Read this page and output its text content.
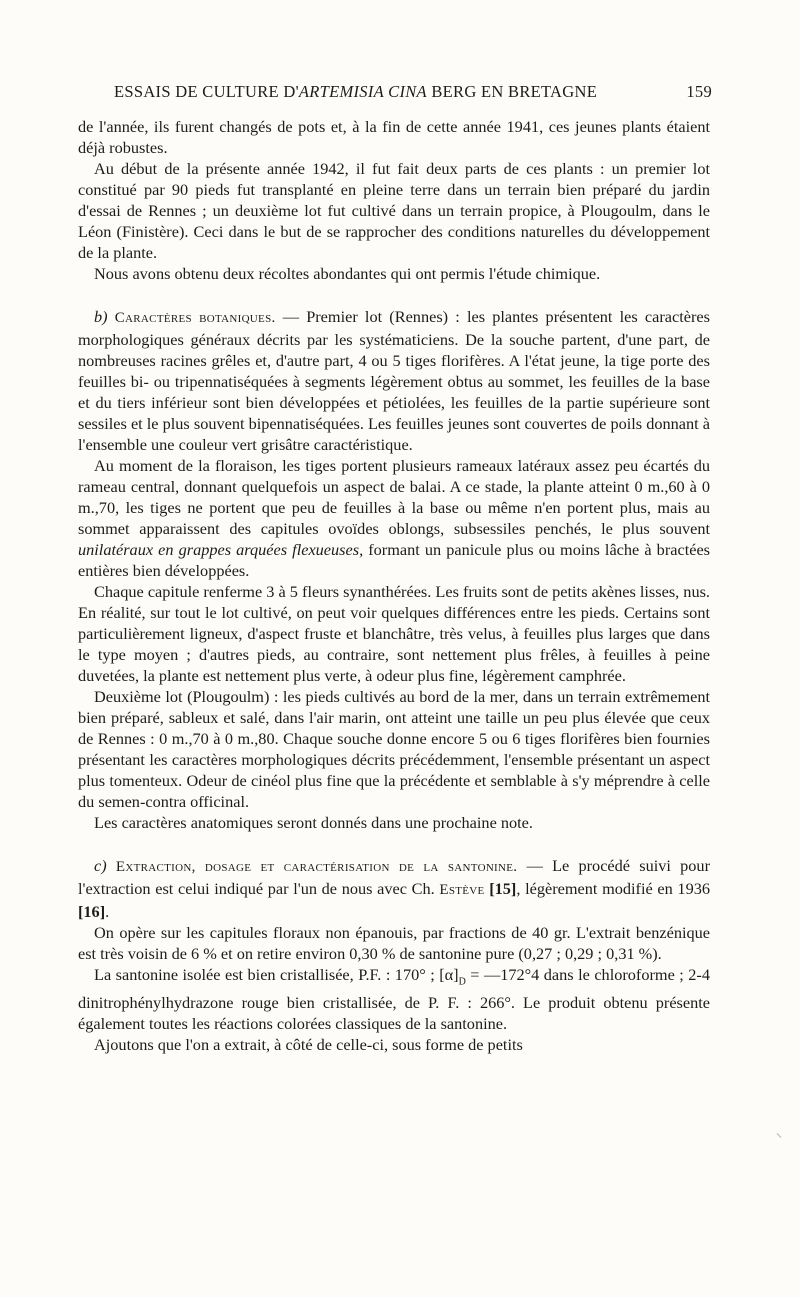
ESSAIS DE CULTURE D'ARTEMISIA CINA BERG EN BRETAGNE	159

de l'année, ils furent changés de pots et, à la fin de cette année 1941, ces jeunes plants étaient déjà robustes.

Au début de la présente année 1942, il fut fait deux parts de ces plants : un premier lot constitué par 90 pieds fut transplanté en pleine terre dans un terrain bien préparé du jardin d'essai de Rennes ; un deuxième lot fut cultivé dans un terrain propice, à Plougoulm, dans le Léon (Finistère). Ceci dans le but de se rapprocher des conditions naturelles du développement de la plante.

Nous avons obtenu deux récoltes abondantes qui ont permis l'étude chimique.

b) Caractères botaniques. — Premier lot (Rennes) : les plantes présentent les caractères morphologiques généraux décrits par les systématiciens. De la souche partent, d'une part, de nombreuses racines grêles et, d'autre part, 4 ou 5 tiges florifères. A l'état jeune, la tige porte des feuilles bi- ou tripennatiséquées à segments légèrement obtus au sommet, les feuilles de la base et du tiers inférieur sont bien développées et pétiolées, les feuilles de la partie supérieure sont sessiles et le plus souvent bipennatiséquées. Les feuilles jeunes sont couvertes de poils donnant à l'ensemble une couleur vert grisâtre caractéristique.

Au moment de la floraison, les tiges portent plusieurs rameaux latéraux assez peu écartés du rameau central, donnant quelquefois un aspect de balai. A ce stade, la plante atteint 0 m.,60 à 0 m.,70, les tiges ne portent que peu de feuilles à la base ou même n'en portent plus, mais au sommet apparaissent des capitules ovoïdes oblongs, subsessiles penchés, le plus souvent unilatéraux en grappes arquées flexueuses, formant un panicule plus ou moins lâche à bractées entières bien développées.

Chaque capitule renferme 3 à 5 fleurs synanthérées. Les fruits sont de petits akènes lisses, nus. En réalité, sur tout le lot cultivé, on peut voir quelques différences entre les pieds. Certains sont particulièrement ligneux, d'aspect fruste et blanchâtre, très velus, à feuilles plus larges que dans le type moyen ; d'autres pieds, au contraire, sont nettement plus frêles, à feuilles à peine duvetées, la plante est nettement plus verte, à odeur plus fine, légèrement camphrée.

Deuxième lot (Plougoulm) : les pieds cultivés au bord de la mer, dans un terrain extrêmement bien préparé, sableux et salé, dans l'air marin, ont atteint une taille un peu plus élevée que ceux de Rennes : 0 m.,70 à 0 m.,80. Chaque souche donne encore 5 ou 6 tiges florifères bien fournies présentant les caractères morphologiques décrits précédemment, l'ensemble présentant un aspect plus tomenteux. Odeur de cinéol plus fine que la précédente et semblable à s'y méprendre à celle du semen-contra officinal.

Les caractères anatomiques seront donnés dans une prochaine note.

c) Extraction, dosage et caractérisation de la santonine. — Le procédé suivi pour l'extraction est celui indiqué par l'un de nous avec Ch. Estève [15], légèrement modifié en 1936 [16].

On opère sur les capitules floraux non épanouis, par fractions de 40 gr. L'extrait benzénique est très voisin de 6 % et on retire environ 0,30 % de santonine pure (0,27 ; 0,29 ; 0,31 %).

La santonine isolée est bien cristallisée, P.F. : 170° ; $[\alpha]_D$ = —172°4 dans le chloroforme ; 2-4 dinitrophénylhydrazone rouge bien cristallisée, de P. F. : 266°. Le produit obtenu présente également toutes les réactions colorées classiques de la santonine.

Ajoutons que l'on a extrait, à côté de celle-ci, sous forme de petits
